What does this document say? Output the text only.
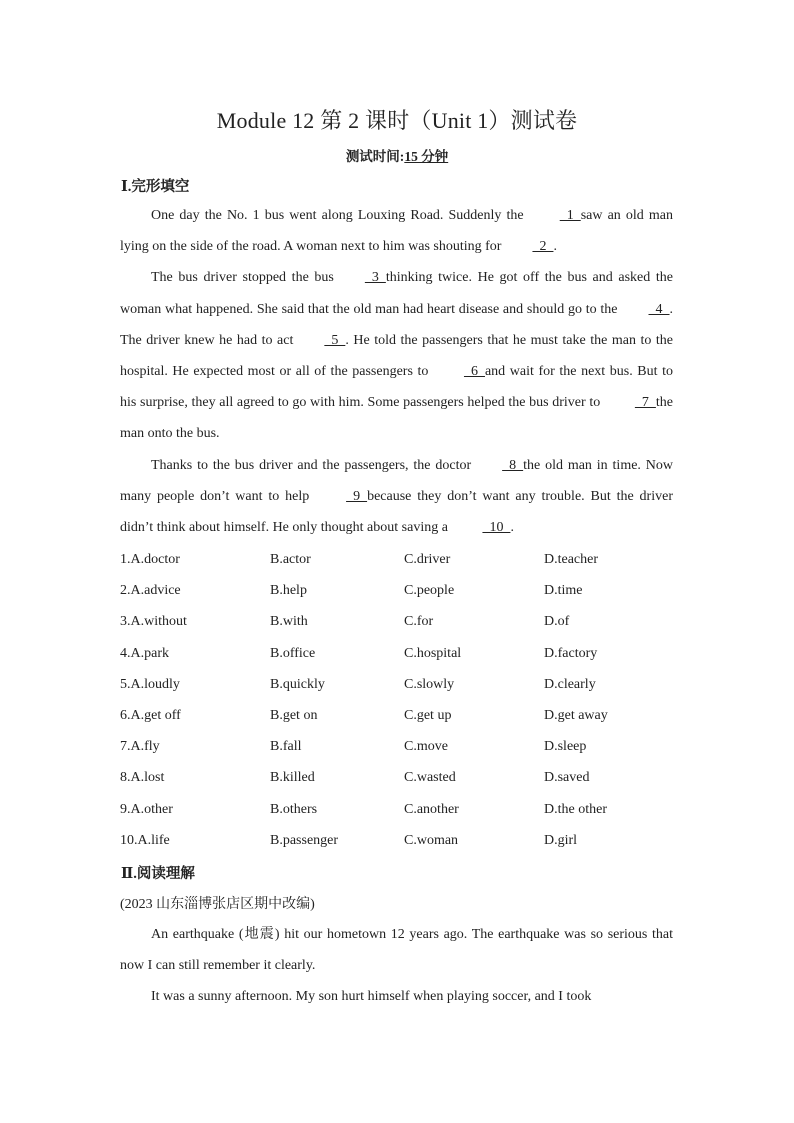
Module 12 第 2 课时（Unit 1）测试卷
测试时间:15 分钟
Ⅰ.完形填空

One day the No. 1 bus went along Louxing Road. Suddenly the   1  saw an old man lying on the side of the road. A woman next to him was shouting for  2  .

The bus driver stopped the bus  3  thinking twice. He got off the bus and asked the woman what happened. She said that the old man had heart disease and should go to the  4  . The driver knew he had to act  5  . He told the passengers that he must take the man to the hospital. He expected most or all of the passengers to   6  and wait for the next bus. But to his surprise, they all agreed to go with him. Some passengers helped the bus driver to   7  the man onto the bus.

Thanks to the bus driver and the passengers, the doctor  8  the old man in time. Now many people don’t want to help   9  because they don’t want any trouble. But the driver didn’t think about himself. He only thought about saving a   10  .

1.A.doctor	B.actor	C.driver	D.teacher
2.A.advice	B.help	C.people	D.time
3.A.without	B.with	C.for	D.of
4.A.park	B.office	C.hospital	D.factory
5.A.loudly	B.quickly	C.slowly	D.clearly
6.A.get off	B.get on	C.get up	D.get away
7.A.fly	B.fall	C.move	D.sleep
8.A.lost	B.killed	C.wasted	D.saved
9.A.other	B.others	C.another	D.the other
10.A.life	B.passenger	C.woman	D.girl
Ⅱ.阅读理解
(2023 山东淄博张店区期中改编)

An earthquake (地震) hit our hometown 12 years ago. The earthquake was so serious that now I can still remember it clearly.

It was a sunny afternoon. My son hurt himself when playing soccer, and I took
